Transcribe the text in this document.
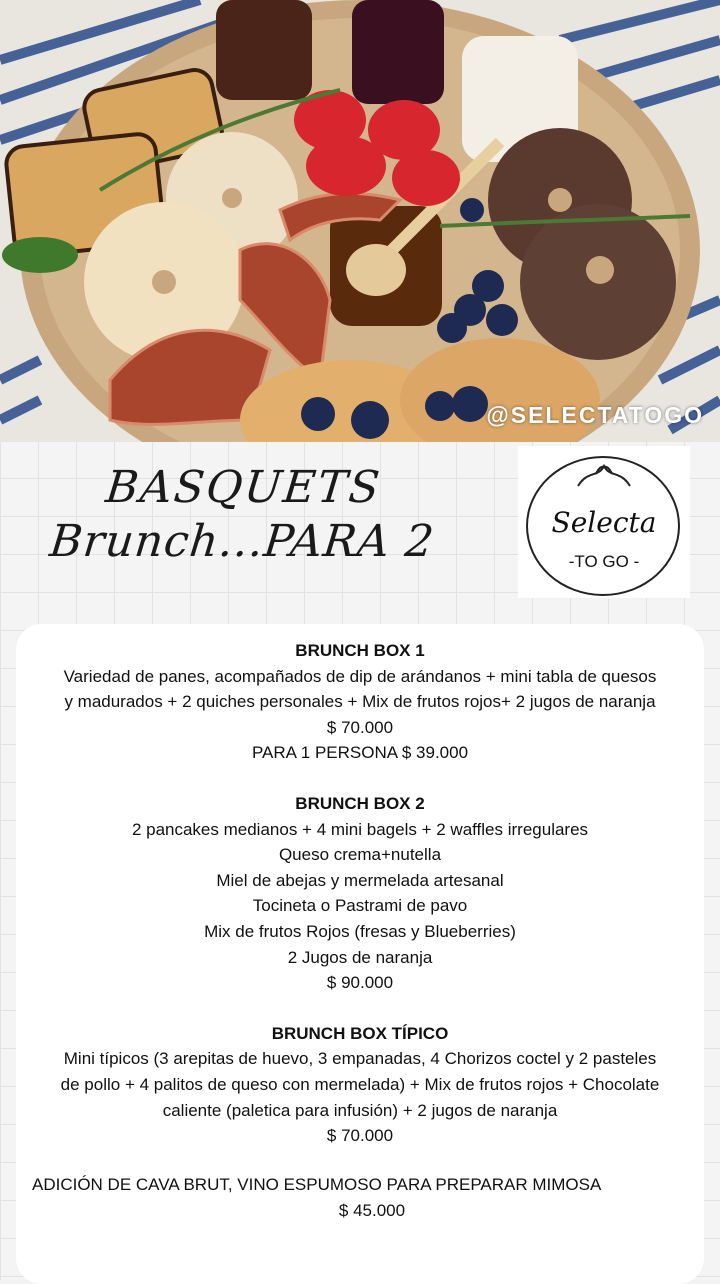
@SELECTATOGO
BASQUETS
Brunch...PARA 2	Selecta
-TO GO -
BRUNCH BOX 1
Variedad de panes, acompañados de dip de arándanos + mini tabla de quesos
y madurados + 2 quiches personales + Mix de frutos rojos+ 2 jugos de naranja
$ 70.000
PARA 1 PERSONA $ 39.000
BRUNCH BOX 2
2 pancakes medianos + 4 mini bagels + 2 waffles irregulares
Queso crema+nutella
Miel de abejas y mermelada artesanal
Tocineta o Pastrami de pavo
Mix de frutos Rojos (fresas y Blueberries)
2 Jugos de naranja
$ 90.000
BRUNCH BOX TÍPICO
Mini típicos (3 arepitas de huevo, 3 empanadas, 4 Chorizos coctel y 2 pasteles
de pollo + 4 palitos de queso con mermelada) + Mix de frutos rojos + Chocolate
caliente (paletica para infusión) + 2 jugos de naranja
$ 70.000
ADICIÓN DE CAVA BRUT, VINO ESPUMOSO PARA PREPARAR MIMOSA
$ 45.000
